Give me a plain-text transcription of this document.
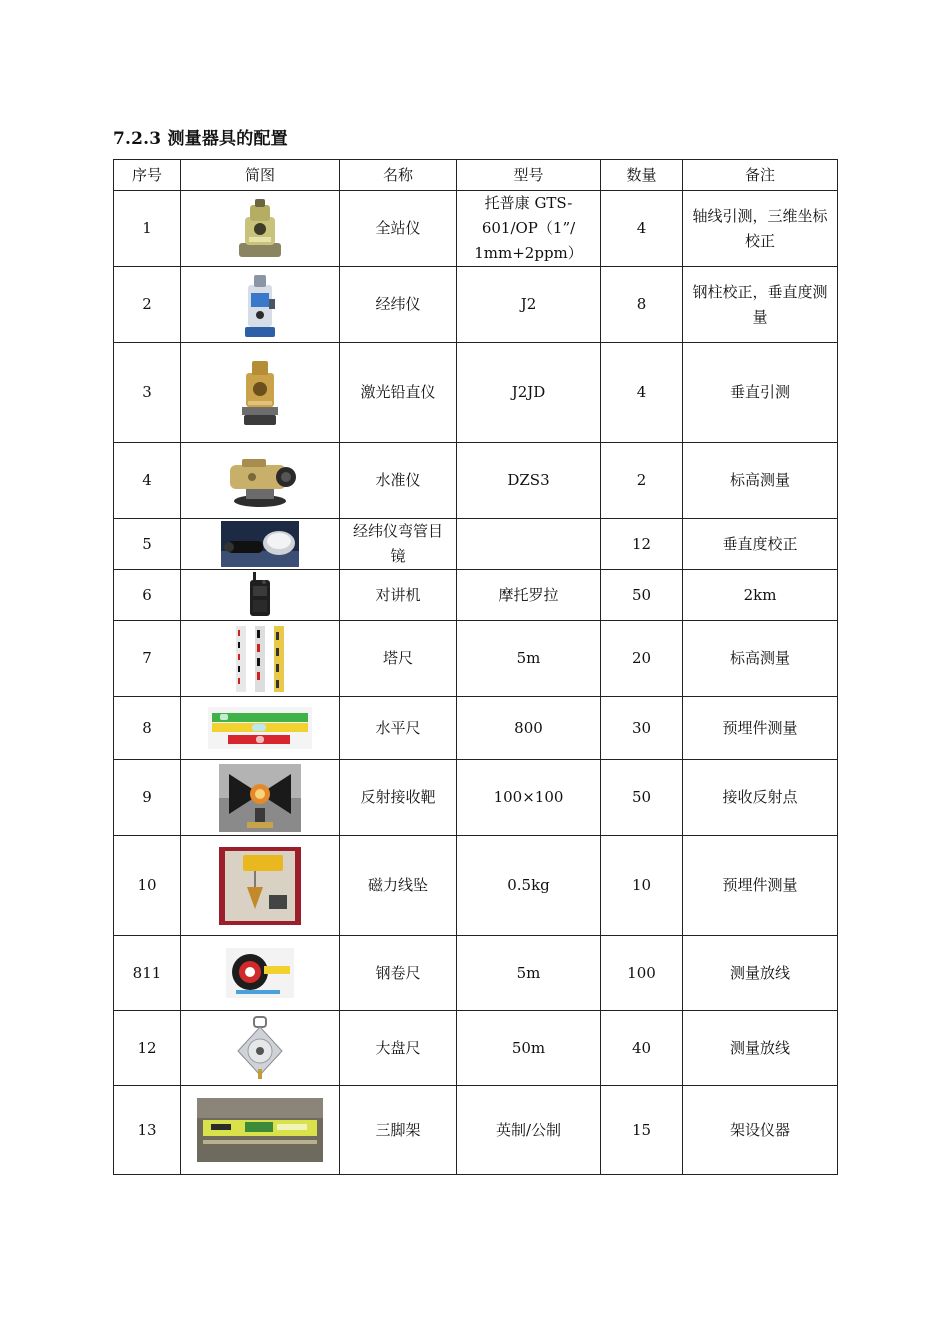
7.2.3 测量器具的配置
序号	简图	名称	型号	数量	备注
1		全站仪	托普康 GTS-601/OP（1”/ 1mm+2ppm）	4	轴线引测，三维坐标校正
2		经纬仪	J2	8	钢柱校正，垂直度测量
3		激光铅直仪	J2JD	4	垂直引测
4		水准仪	DZS3	2	标高测量
5		经纬仪弯管目镜		12	垂直度校正
6		对讲机	摩托罗拉	50	2km
7		塔尺	5m	20	标高测量
8		水平尺	800	30	预埋件测量
9		反射接收靶	100×100	50	接收反射点
10		磁力线坠	0.5kg	10	预埋件测量
811		钢卷尺	5m	100	测量放线
12		大盘尺	50m	40	测量放线
13		三脚架	英制/公制	15	架设仪器
